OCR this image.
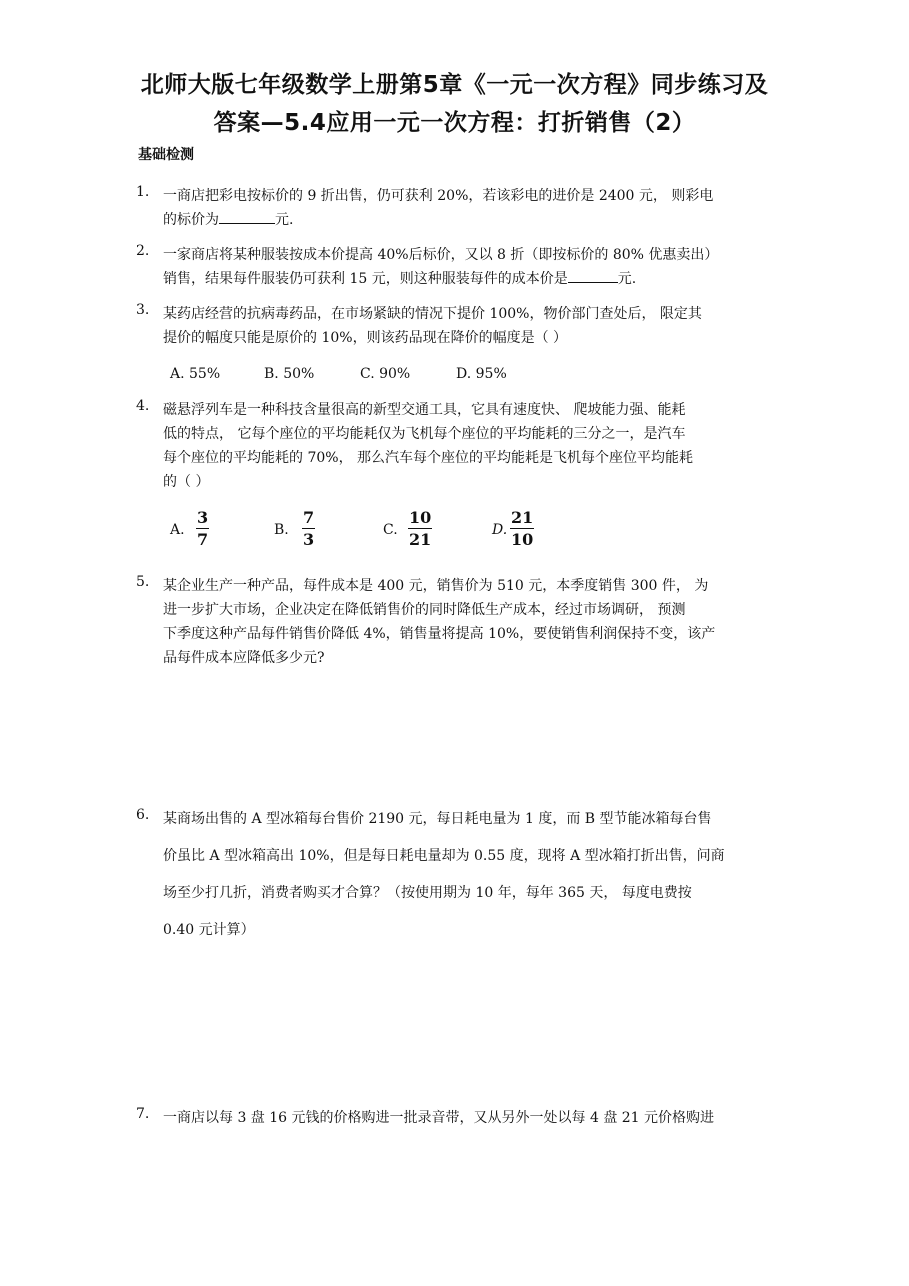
北师大版七年级数学上册第5章《一元一次方程》同步练习及
答案—5.4应用一元一次方程：打折销售（2）
基础检测
1. 一商店把彩电按标价的 9 折出售，仍可获利 20%，若该彩电的进价是 2400 元， 则彩电
的标价为	元.
2. 一家商店将某种服装按成本价提高 40%后标价，又以 8 折（即按标价的 80% 优惠卖出）
销售，结果每件服装仍可获利 15 元，则这种服装每件的成本价是	元.
3. 某药店经营的抗病毒药品，在市场紧缺的情况下提价 100%，物价部门查处后， 限定其
提价的幅度只能是原价的 10%，则该药品现在降价的幅度是（ ）
A. 55%	B. 50%	C. 90%	D. 95%
4. 磁悬浮列车是一种科技含量很高的新型交通工具，它具有速度快、 爬坡能力强、能耗
低的特点， 它每个座位的平均能耗仅为飞机每个座位的平均能耗的三分之一，是汽车
每个座位的平均能耗的 70%， 那么汽车每个座位的平均能耗是飞机每个座位平均能耗
的（ ）
A.
3
7	B.
7
3	C.
10
21	D.
21
10
5. 某企业生产一种产品，每件成本是 400 元，销售价为 510 元，本季度销售 300 件， 为
进一步扩大市场，企业决定在降低销售价的同时降低生产成本，经过市场调研， 预测
下季度这种产品每件销售价降低 4%，销售量将提高 10%，要使销售利润保持不变，该产
品每件成本应降低多少元?
6. 某商场出售的 A 型冰箱每台售价 2190 元，每日耗电量为 1 度，而 B 型节能冰箱每台售
价虽比 A 型冰箱高出 10%，但是每日耗电量却为 0.55 度，现将 A 型冰箱打折出售，问商
场至少打几折，消费者购买才合算？（按使用期为 10 年，每年 365 天， 每度电费按
0.40 元计算）
7. 一商店以每 3 盘 16 元钱的价格购进一批录音带，又从另外一处以每 4 盘 21 元价格购进
